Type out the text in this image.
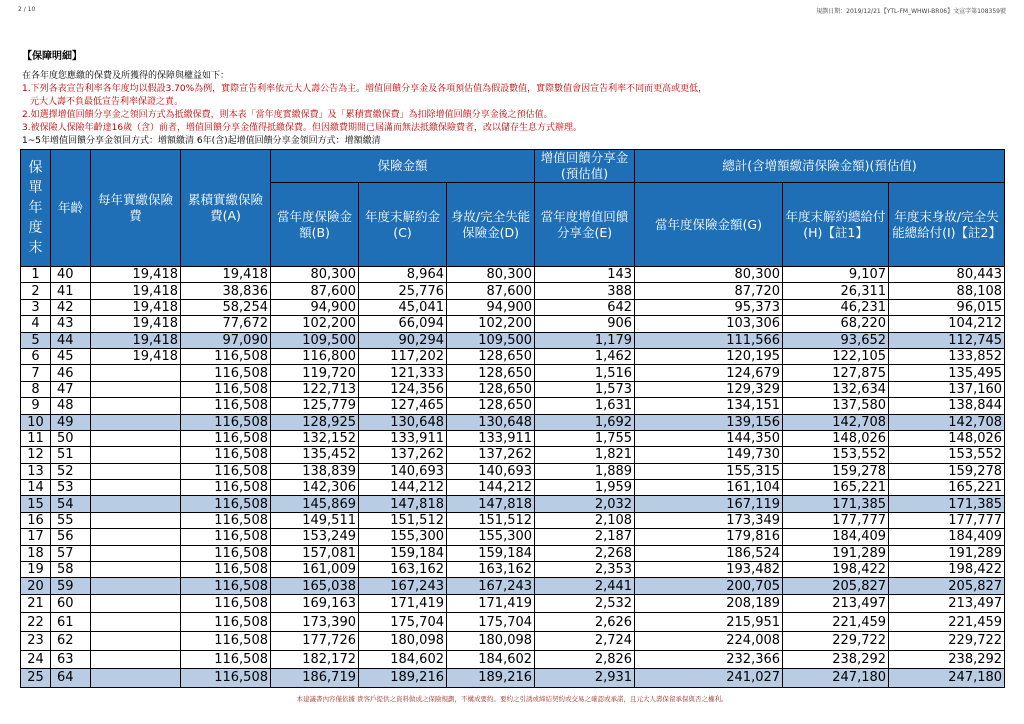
2 / 10	規劃日期：2019/12/21【YTL-FM_WHWI-BR06】文宣字第108359號
【保障明細】
在各年度您應繳的保費及所獲得的保障與權益如下：
1.下列各表宣告利率各年度均以假設3.70%為例，實際宣告利率依元大人壽公告為主。增值回饋分享金及各項預估值為假設數值，實際數值會因宣告利率不同而更高或更低，
元大人壽不負最低宣告利率保證之責。
2.如選擇增值回饋分享金之領回方式為抵繳保費，則本表「當年度實繳保費」及「累積實繳保費」為扣除增值回饋分享金後之預估值。
3.被保險人保險年齡達16歲（含）前者，增值回饋分享金僅得抵繳保費。但因繳費期間已屆滿而無法抵繳保險費者，改以儲存生息方式辦理。
1~5年增值回饋分享金領回方式：增額繳清 6年(含)起增值回饋分享金領回方式：增額繳清
保單年度末	年齡	每年實繳保險費	累積實繳保險費(A)	保險金額			增值回饋分享金(預估值)	總計(含增額繳清保險金額)(預估值)		
				當年度保險金額(B)	年度末解約金(C)	身故/完全失能保險金(D)	當年度增值回饋分享金(E)	當年度保險金額(G)	年度末解約總給付(H)【註1】	年度末身故/完全失能總給付(I)【註2】
1	40	19,418	19,418	80,300	8,964	80,300	143	80,300	9,107	80,443
2	41	19,418	38,836	87,600	25,776	87,600	388	87,720	26,311	88,108
3	42	19,418	58,254	94,900	45,041	94,900	642	95,373	46,231	96,015
4	43	19,418	77,672	102,200	66,094	102,200	906	103,306	68,220	104,212
5	44	19,418	97,090	109,500	90,294	109,500	1,179	111,566	93,652	112,745
6	45	19,418	116,508	116,800	117,202	128,650	1,462	120,195	122,105	133,852
7	46		116,508	119,720	121,333	128,650	1,516	124,679	127,875	135,495
8	47		116,508	122,713	124,356	128,650	1,573	129,329	132,634	137,160
9	48		116,508	125,779	127,465	128,650	1,631	134,151	137,580	138,844
10	49		116,508	128,925	130,648	130,648	1,692	139,156	142,708	142,708
11	50		116,508	132,152	133,911	133,911	1,755	144,350	148,026	148,026
12	51		116,508	135,452	137,262	137,262	1,821	149,730	153,552	153,552
13	52		116,508	138,839	140,693	140,693	1,889	155,315	159,278	159,278
14	53		116,508	142,306	144,212	144,212	1,959	161,104	165,221	165,221
15	54		116,508	145,869	147,818	147,818	2,032	167,119	171,385	171,385
16	55		116,508	149,511	151,512	151,512	2,108	173,349	177,777	177,777
17	56		116,508	153,249	155,300	155,300	2,187	179,816	184,409	184,409
18	57		116,508	157,081	159,184	159,184	2,268	186,524	191,289	191,289
19	58		116,508	161,009	163,162	163,162	2,353	193,482	198,422	198,422
20	59		116,508	165,038	167,243	167,243	2,441	200,705	205,827	205,827
21	60		116,508	169,163	171,419	171,419	2,532	208,189	213,497	213,497
22	61		116,508	173,390	175,704	175,704	2,626	215,951	221,459	221,459
23	62		116,508	177,726	180,098	180,098	2,724	224,008	229,722	229,722
24	63		116,508	182,172	184,602	184,602	2,826	232,366	238,292	238,292
25	64		116,508	186,719	189,216	189,216	2,931	241,027	247,180	247,180
本建議書內容僅依據 貴客戶提供之資料做成之保險規劃，不構成要約。要約之引誘或締結契約或交易之確認或承諾，且元大人壽保留承保與否之權利。
